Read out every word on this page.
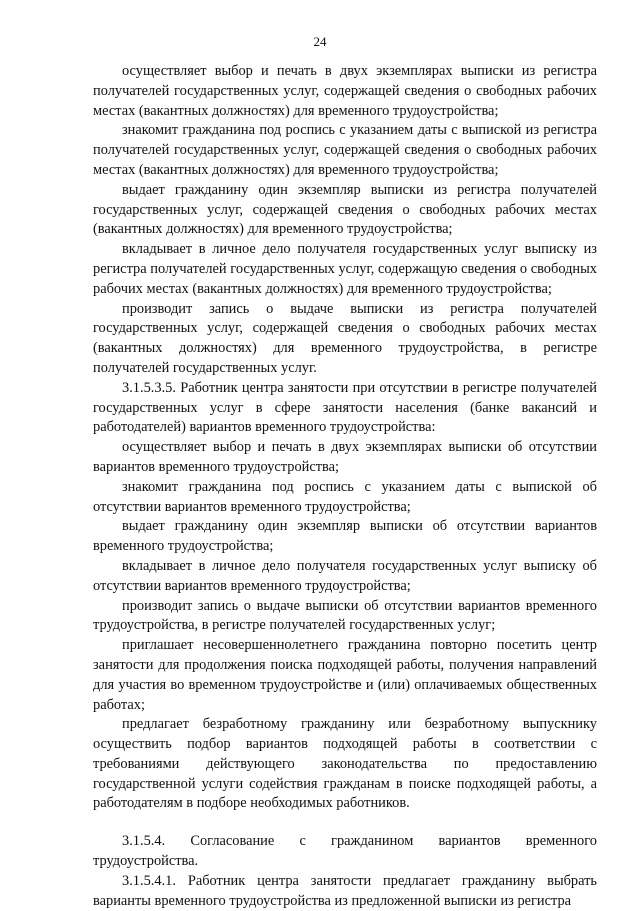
24

осуществляет выбор и печать в двух экземплярах выписки из регистра получателей государственных услуг, содержащей сведения о свободных рабочих местах (вакантных должностях) для временного трудоустройства;

знакомит гражданина под роспись с указанием даты с выпиской из регистра получателей государственных услуг, содержащей сведения о свободных рабочих местах (вакантных должностях) для временного трудоустройства;

выдает гражданину один экземпляр выписки из регистра получателей государственных услуг, содержащей сведения о свободных рабочих местах (вакантных должностях) для временного трудоустройства;

вкладывает в личное дело получателя государственных услуг выписку из регистра получателей государственных услуг, содержащую сведения о свободных рабочих местах (вакантных должностях) для временного трудоустройства;

производит запись о выдаче выписки из регистра получателей государственных услуг, содержащей сведения о свободных рабочих местах (вакантных должностях) для временного трудоустройства, в регистре получателей государственных услуг.

3.1.5.3.5. Работник центра занятости при отсутствии в регистре получателей государственных услуг в сфере занятости населения (банке вакансий и работодателей) вариантов временного трудоустройства:

осуществляет выбор и печать в двух экземплярах выписки об отсутствии вариантов временного трудоустройства;

знакомит гражданина под роспись с указанием даты с выпиской об отсутствии вариантов временного трудоустройства;

выдает гражданину один экземпляр выписки об отсутствии вариантов временного трудоустройства;

вкладывает в личное дело получателя государственных услуг выписку об отсутствии вариантов временного трудоустройства;

производит запись о выдаче выписки об отсутствии вариантов временного трудоустройства, в регистре получателей государственных услуг;

приглашает несовершеннолетнего гражданина повторно посетить центр занятости для продолжения поиска подходящей работы, получения направлений для участия во временном трудоустройстве и (или) оплачиваемых общественных работах;

предлагает безработному гражданину или безработному выпускнику осуществить подбор вариантов подходящей работы в соответствии с требованиями действующего законодательства по предоставлению государственной услуги содействия гражданам в поиске подходящей работы, а работодателям в подборе необходимых работников.

3.1.5.4. Согласование с гражданином вариантов временного трудоустройства.

3.1.5.4.1. Работник центра занятости предлагает гражданину выбрать варианты временного трудоустройства из предложенной выписки из регистра
